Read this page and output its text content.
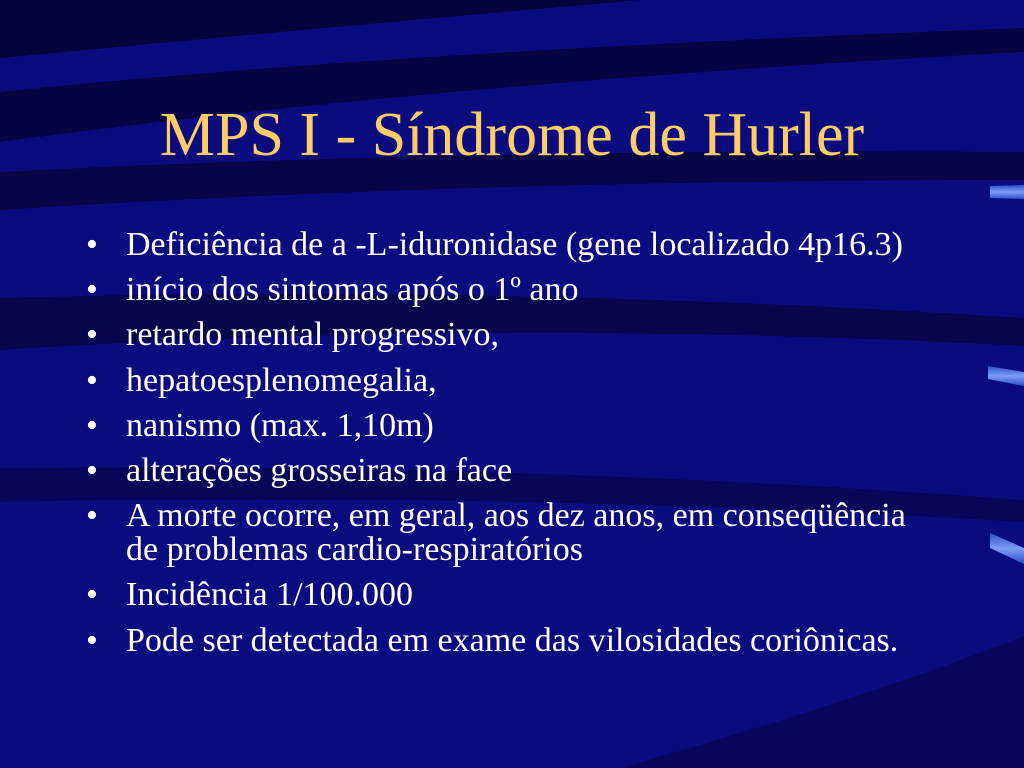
MPS I - Síndrome de Hurler
• Deficiência de a -L-iduronidase (gene localizado 4p16.3)
• início dos sintomas após o 1º ano
• retardo mental progressivo,
• hepatoesplenomegalia,
• nanismo (max. 1,10m)
• alterações grosseiras na face
• A morte ocorre, em geral, aos dez anos, em conseqüência de problemas cardio-respiratórios
• Incidência 1/100.000
• Pode ser detectada em exame das vilosidades coriônicas.
